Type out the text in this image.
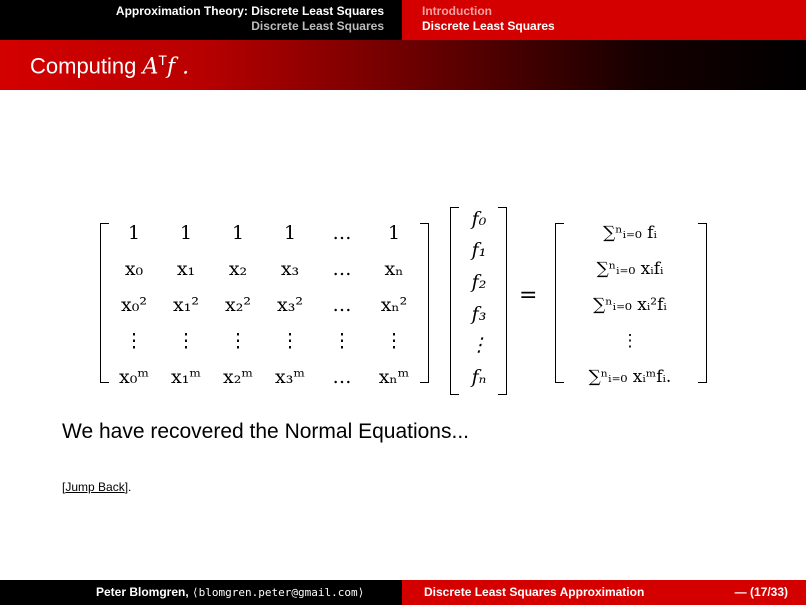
Approximation Theory: Discrete Least Squares
Discrete Least Squares
Introduction
Discrete Least Squares
Computing $A^Tf$ .
1 1 1 1 … 1
x₀ x₁ x₂ x₃ … xₙ
x₀² x₁² x₂² x₃² … xₙ²
⋮ ⋮ ⋮ ⋮ ⋮ ⋮
x₀ᵐ x₁ᵐ x₂ᵐ x₃ᵐ … xₙᵐ
f₀
f₁
f₂
f₃
⋮
fₙ
=
∑ⁿᵢ₌₀ fᵢ
∑ⁿᵢ₌₀ xᵢfᵢ
∑ⁿᵢ₌₀ xᵢ²fᵢ
⋮
∑ⁿᵢ₌₀ xᵢᵐfᵢ.
We have recovered the Normal Equations...
[Jump Back].
Peter Blomgren, ⟨blomgren.peter@gmail.com⟩	Discrete Least Squares Approximation	— (17/33)
